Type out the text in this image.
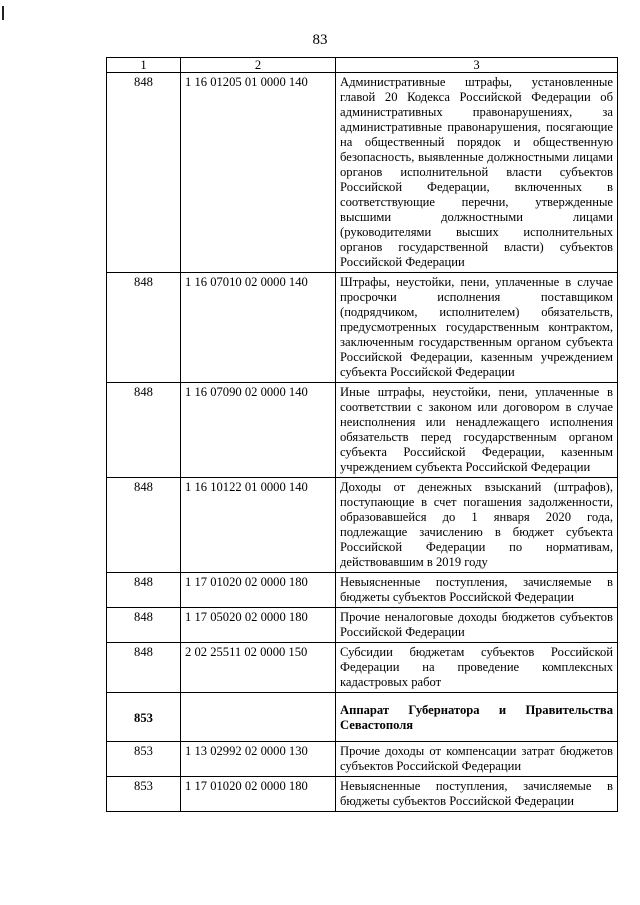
83
1	2	3
848	1 16 01205 01 0000 140	Административные штрафы, установленные главой 20 Кодекса Российской Федерации об административных правонарушениях, за административные правонарушения, посягающие на общественный порядок и общественную безопасность, выявленные должностными лицами органов исполнительной власти субъектов Российской Федерации, включенных в соответствующие перечни, утвержденные высшими должностными лицами (руководителями высших исполнительных органов государственной власти) субъектов Российской Федерации
848	1 16 07010 02 0000 140	Штрафы, неустойки, пени, уплаченные в случае просрочки исполнения поставщиком (подрядчиком, исполнителем) обязательств, предусмотренных государственным контрактом, заключенным государственным органом субъекта Российской Федерации, казенным учреждением субъекта Российской Федерации
848	1 16 07090 02 0000 140	Иные штрафы, неустойки, пени, уплаченные в соответствии с законом или договором в случае неисполнения или ненадлежащего исполнения обязательств перед государственным органом субъекта Российской Федерации, казенным учреждением субъекта Российской Федерации
848	1 16 10122 01 0000 140	Доходы от денежных взысканий (штрафов), поступающие в счет погашения задолженности, образовавшейся до 1 января 2020 года, подлежащие зачислению в бюджет субъекта Российской Федерации по нормативам, действовавшим в 2019 году
848	1 17 01020 02 0000 180	Невыясненные поступления, зачисляемые в бюджеты субъектов Российской Федерации
848	1 17 05020 02 0000 180	Прочие неналоговые доходы бюджетов субъектов Российской Федерации
848	2 02 25511 02 0000 150	Субсидии бюджетам субъектов Российской Федерации на проведение комплексных кадастровых работ
853		Аппарат Губернатора и Правительства Севастополя
853	1 13 02992 02 0000 130	Прочие доходы от компенсации затрат бюджетов субъектов Российской Федерации
853	1 17 01020 02 0000 180	Невыясненные поступления, зачисляемые в бюджеты субъектов Российской Федерации
